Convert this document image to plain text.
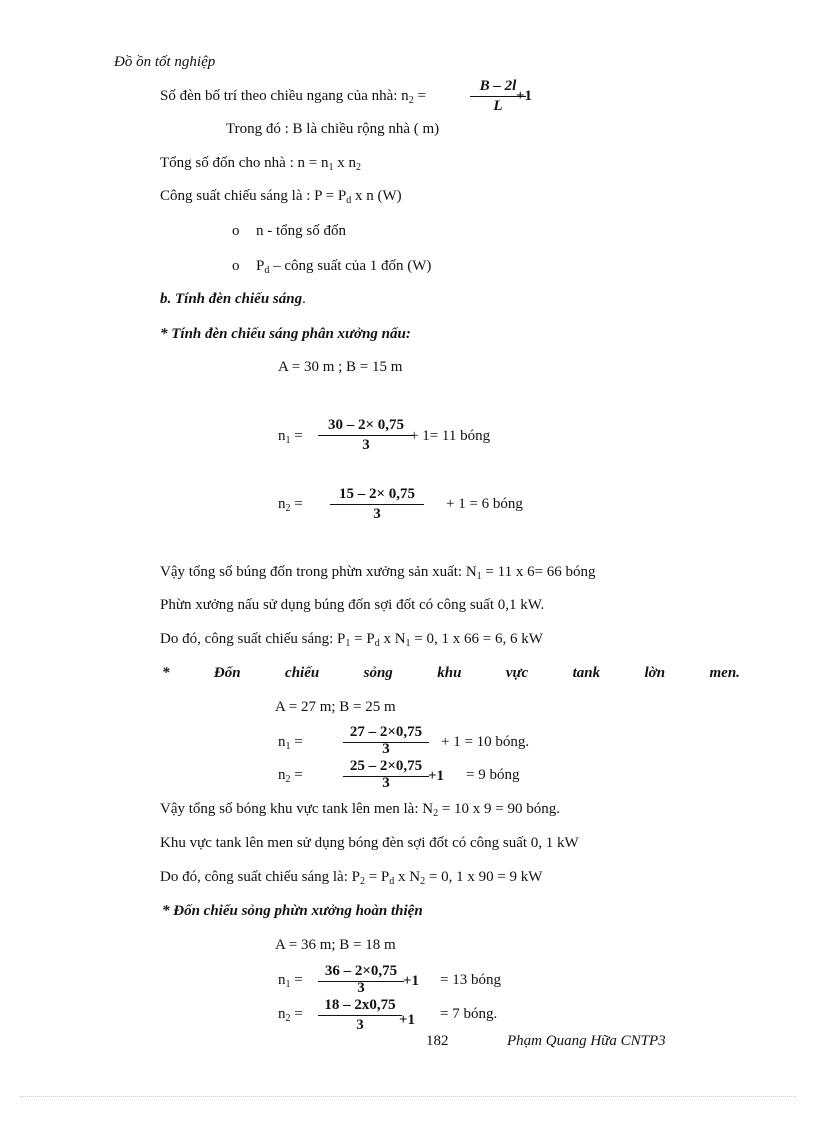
Đồ ồn tốt nghiệp
Số đèn bố trí theo chiều ngang của nhà: $n_2$ =	$\frac{B - 2l}{L}$
+1
Trong đó : B là chiều rộng nhà ( m)
Tổng số đốn cho nhà : $n = n_1$ x $n_2$
Công suất chiếu sáng là : $P = P_d$ x n (W)
o n - tổng số đốn
o $P_d$ – công suất của 1 đốn (W)
b. Tính đèn chiếu sáng.
* Tính đèn chiếu sáng phân xưởng nấu:
A = 30 m ; B = 15 m
$n_1 = \frac{30 - 2\times 0,75}{3}$
+ 1= 11 bóng
$n_2 = \frac{15 - 2\times 0,75}{3} + 1 = 6$ bóng
Vậy tổng số búng đốn trong phừn xưởng sản xuất: $N_1 = 11$ x 6= 66 bóng
Phừn xưởng nấu sử dụng búng đốn sợi đốt có công suất 0,1 kW.
Do đó, công suất chiếu sáng: $P_1 = P_d$ x $N_1 = 0$, 1 x 66 = 6, 6 kW
*	Đốn	chiếu	sỏng	khu	vực	tank	lờn	men.
A = 27 m; B = 25 m
$n_1$ =	$\frac{27 - 2\times 0,75}{3} + 1 = 10$ bóng.
$n_2$ =	$\frac{25 - 2\times 0,75}{3} +1 = 9$ bóng
Vậy tổng số bóng khu vực tank lên men là: $N_2 = 10$ x 9 = 90 bóng.
Khu vực tank lên men sử dụng bóng đèn sợi đốt có công suất 0, 1 kW
Do đó, công suất chiếu sáng là: $P_2 = P_d$ x $N_2 = 0$, 1 x 90 = 9 kW
* Đốn chiếu sỏng phừn xưởng hoàn thiện
A = 36 m; B = 18 m
$n_1 = \frac{36 - 2\times 0,75}{3} +1 = 13$ bóng
$n_2 = \frac{18 - 2x0,75}{3}$
+1 = 7 bóng.
182	Phạm Quang Hữa CNTP3
